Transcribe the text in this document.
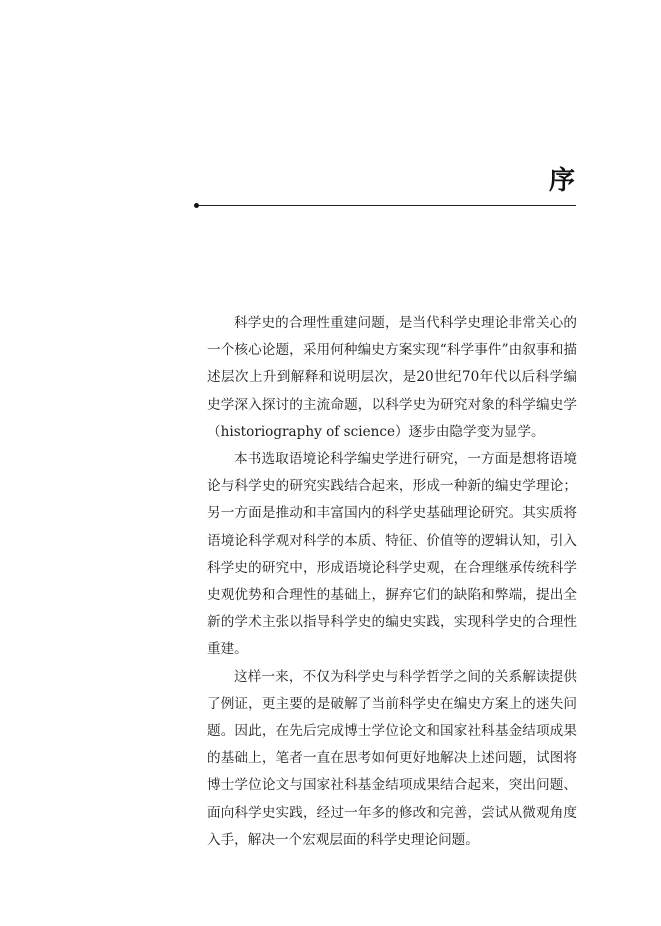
序

科学史的合理性重建问题，是当代科学史理论非常关心的一个核心论题，采用何种编史方案实现“科学事件”由叙事和描述层次上升到解释和说明层次，是20世纪70年代以后科学编史学深入探讨的主流命题，以科学史为研究对象的科学编史学（historiography of science）逐步由隐学变为显学。

本书选取语境论科学编史学进行研究，一方面是想将语境论与科学史的研究实践结合起来，形成一种新的编史学理论；另一方面是推动和丰富国内的科学史基础理论研究。其实质将语境论科学观对科学的本质、特征、价值等的逻辑认知，引入科学史的研究中，形成语境论科学史观，在合理继承传统科学史观优势和合理性的基础上，摒弃它们的缺陷和弊端，提出全新的学术主张以指导科学史的编史实践，实现科学史的合理性重建。

这样一来，不仅为科学史与科学哲学之间的关系解读提供了例证，更主要的是破解了当前科学史在编史方案上的迷失问题。因此，在先后完成博士学位论文和国家社科基金结项成果的基础上，笔者一直在思考如何更好地解决上述问题，试图将博士学位论文与国家社科基金结项成果结合起来，突出问题、面向科学史实践，经过一年多的修改和完善，尝试从微观角度入手，解决一个宏观层面的科学史理论问题。
